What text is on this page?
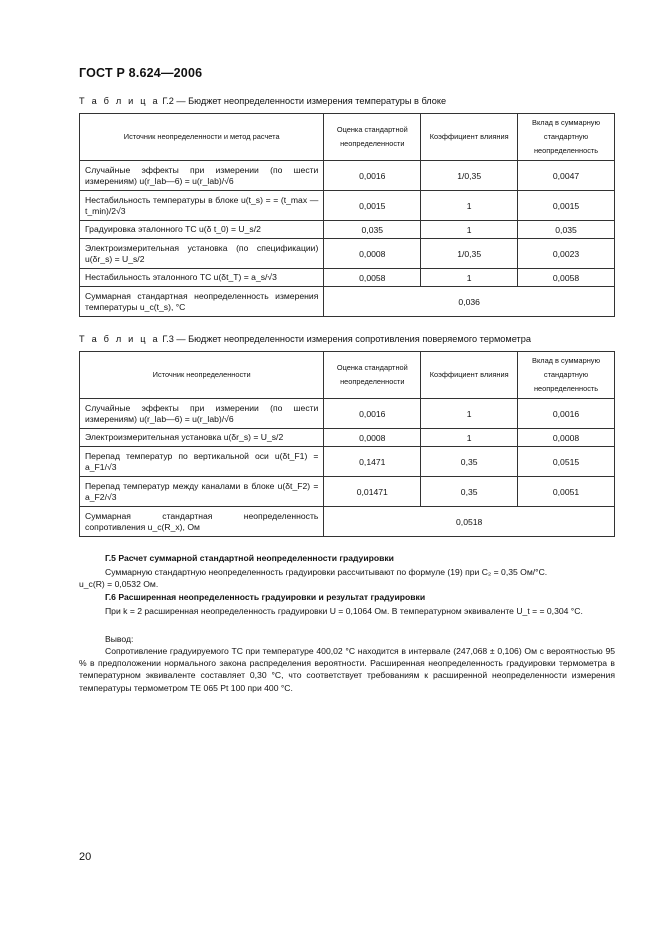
ГОСТ Р 8.624—2006
Т а б л и ц а Г.2 — Бюджет неопределенности измерения температуры в блоке
Источник неопределенности и метод расчета	Оценка стандартной неопределенности	Коэффициент влияния	Вклад в суммарную стандартную неопределенность
Случайные эффекты при измерении (по шести измерениям) u(r_lab—6) = u(r_lab)/√6	0,0016	1/0,35	0,0047
Нестабильность температуры в блоке u(t_s) = = (t_max — t_min)/2√3	0,0015	1	0,0015
Градуировка эталонного ТС u(δ t_0) = U_s/2	0,035	1	0,035
Электроизмерительная установка (по спецификации) u(δr_s) = U_s/2	0,0008	1/0,35	0,0023
Нестабильность эталонного ТС u(δt_T) = a_s/√3	0,0058	1	0,0058
Суммарная стандартная неопределенность измерения температуры u_c(t_s), °C	0,036		
Т а б л и ц а Г.3 — Бюджет неопределенности измерения сопротивления поверяемого термометра
Источник неопределенности	Оценка стандартной неопределенности	Коэффициент влияния	Вклад в суммарную стандартную неопределенность
Случайные эффекты при измерении (по шести измерениям) u(r_lab—6) = u(r_lab)/√6	0,0016	1	0,0016
Электроизмерительная установка u(δr_s) = U_s/2	0,0008	1	0,0008
Перепад температур по вертикальной оси u(δt_F1) = a_F1/√3	0,1471	0,35	0,0515
Перепад температур между каналами в блоке u(δt_F2) = a_F2/√3	0,01471	0,35	0,0051
Суммарная стандартная неопределенность сопротивления u_c(R_x), Ом	0,0518		
Г.5 Расчет суммарной стандартной неопределенности градуировки
Суммарную стандартную неопределенность градуировки рассчитывают по формуле (19) при C₂ = 0,35 Ом/°С.
u_c(R) = 0,0532 Ом.
Г.6 Расширенная неопределенность градуировки и результат градуировки
При k = 2 расширенная неопределенность градуировки U = 0,1064 Ом. В температурном эквиваленте U_t = = 0,304 °С.
Вывод:
Сопротивление градуируемого ТС при температуре 400,02 °С находится в интервале (247,068 ± 0,106) Ом с вероятностью 95 % в предположении нормального закона распределения вероятности. Расширенная неопределенность градуировки термометра в температурном эквиваленте составляет 0,30 °С, что соответствует требованиям к расширенной неопределенности измерения температуры термометром ТЕ 065 Pt 100 при 400 °С.
20
